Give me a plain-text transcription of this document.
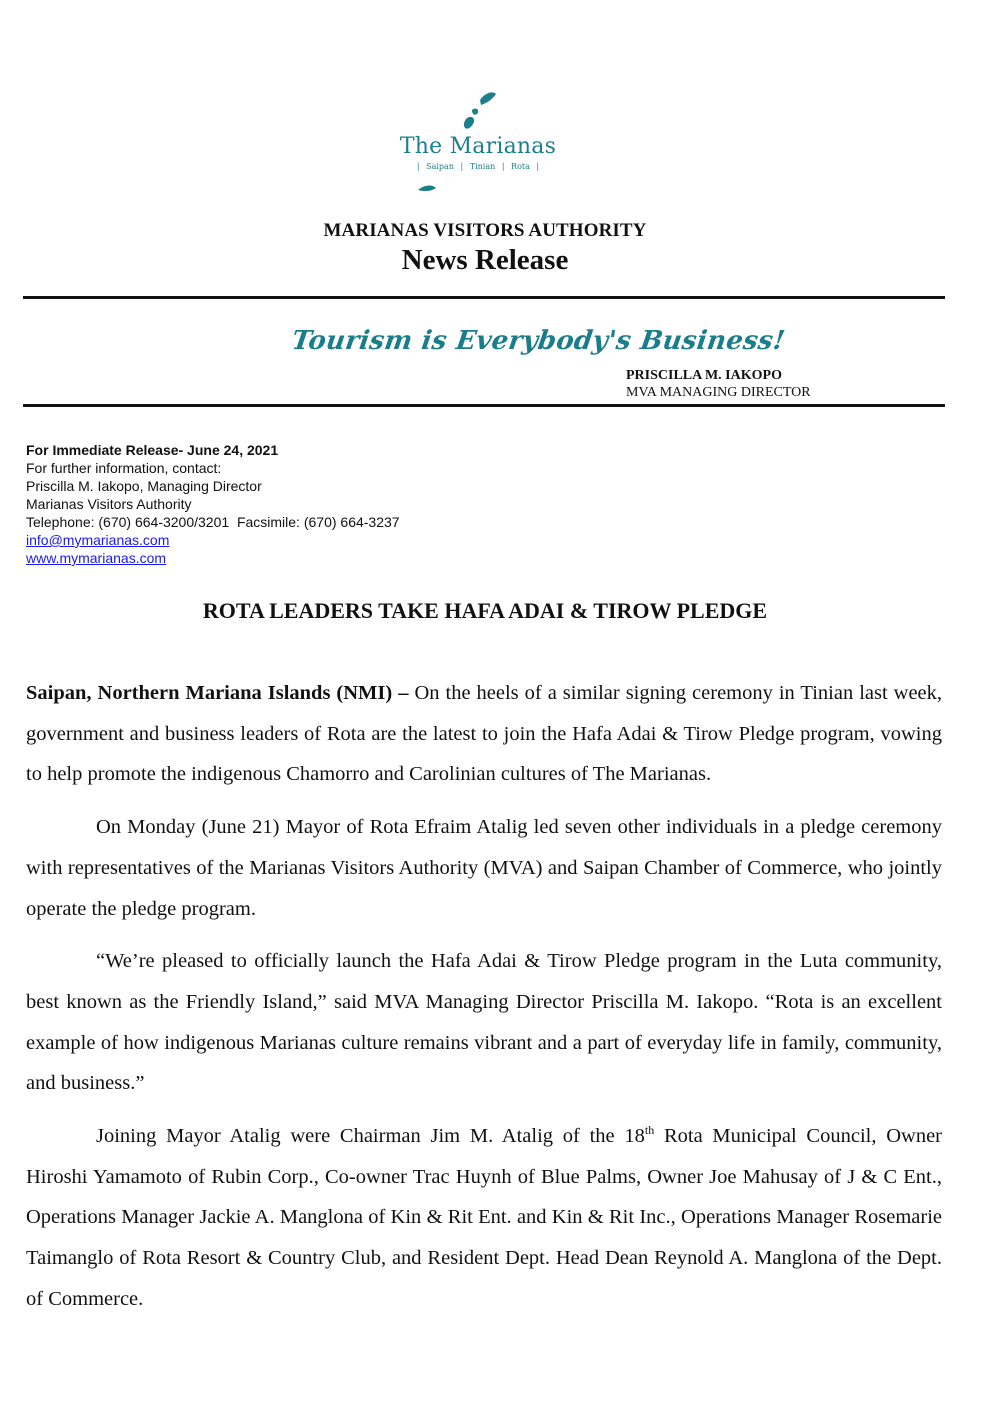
The Marianas
| Saipan | Tinian | Rota |
MARIANAS VISITORS AUTHORITY
News Release
Tourism is Everybody's Business!
PRISCILLA M. IAKOPO
MVA MANAGING DIRECTOR
For Immediate Release- June 24, 2021
For further information, contact:
Priscilla M. Iakopo, Managing Director
Marianas Visitors Authority
Telephone: (670) 664-3200/3201  Facsimile: (670) 664-3237
info@mymarianas.com
www.mymarianas.com
ROTA LEADERS TAKE HAFA ADAI & TIROW PLEDGE

Saipan, Northern Mariana Islands (NMI) – On the heels of a similar signing ceremony in Tinian last week, government and business leaders of Rota are the latest to join the Hafa Adai & Tirow Pledge program, vowing to help promote the indigenous Chamorro and Carolinian cultures of The Marianas.

On Monday (June 21) Mayor of Rota Efraim Atalig led seven other individuals in a pledge ceremony with representatives of the Marianas Visitors Authority (MVA) and Saipan Chamber of Commerce, who jointly operate the pledge program.

“We’re pleased to officially launch the Hafa Adai & Tirow Pledge program in the Luta community, best known as the Friendly Island,” said MVA Managing Director Priscilla M. Iakopo. “Rota is an excellent example of how indigenous Marianas culture remains vibrant and a part of everyday life in family, community, and business.”

Joining Mayor Atalig were Chairman Jim M. Atalig of the 18th Rota Municipal Council, Owner Hiroshi Yamamoto of Rubin Corp., Co-owner Trac Huynh of Blue Palms, Owner Joe Mahusay of J & C Ent., Operations Manager Jackie A. Manglona of Kin & Rit Ent. and Kin & Rit Inc., Operations Manager Rosemarie Taimanglo of Rota Resort & Country Club, and Resident Dept. Head Dean Reynold A. Manglona of the Dept. of Commerce.
